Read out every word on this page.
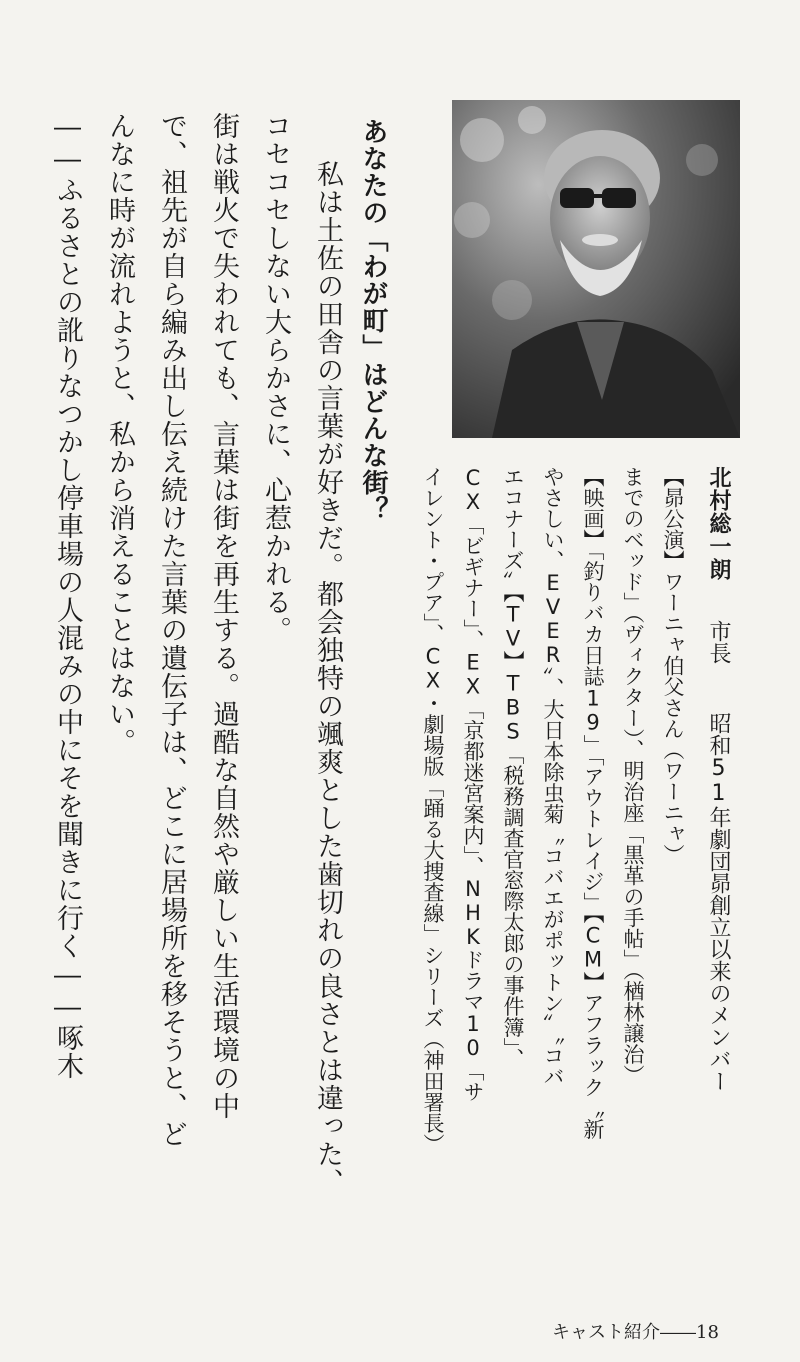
あなたの「わが町」はどんな街？

私は土佐の田舎の言葉が好きだ。都会独特の颯爽とした歯切れの良さとは違った、

コセコセしない大らかさに、心惹かれる。

街は戦火で失われても、言葉は街を再生する。過酷な自然や厳しい生活環境の中

で、祖先が自ら編み出し伝え続けた言葉の遺伝子は、どこに居場所を移そうと、ど

んなに時が流れようと、私から消えることはない。

――ふるさとの訛りなつかし停車場の人混みの中にそを聞きに行く――啄木	北村総一朗
市長
昭和51年劇団昴創立以来のメンバー
【昴公演】ワーニャ伯父さん（ワーニャ）
までのベッド」（ヴィクター）、明治座「黒革の手帖」（楢林譲治）
【映画】「釣りバカ日誌19」「アウトレイジ」【CM】アフラック〝新
やさしい、EVER〟、大日本除虫菊〝コバエがポットン〟〝コバ
エコナーズ〟【TV】TBS「税務調査官窓際太郎の事件簿」、
CX「ビギナー」、EX「京都迷宮案内」、NHKドラマ10「サ
イレント・プア」、CX・劇場版「踊る大捜査線」シリーズ（神田署長）
キャスト紹介――18
